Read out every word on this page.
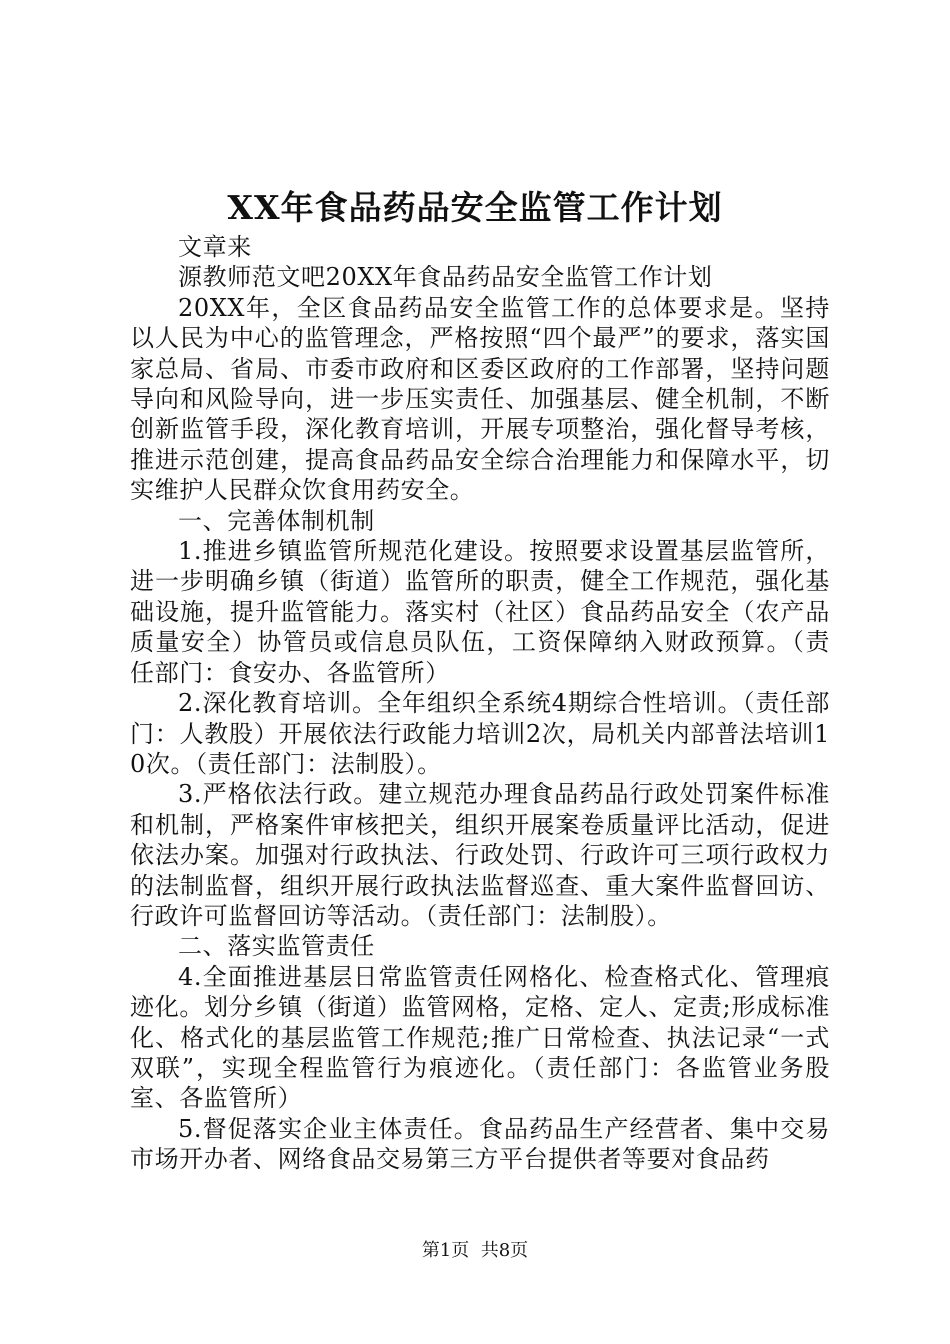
XX年食品药品安全监管工作计划

文章来

源教师范文吧20XX年食品药品安全监管工作计划

20XX年，全区食品药品安全监管工作的总体要求是。坚持以人民为中心的监管理念，严格按照“四个最严”的要求，落实国家总局、省局、市委市政府和区委区政府的工作部署，坚持问题导向和风险导向，进一步压实责任、加强基层、健全机制，不断创新监管手段，深化教育培训，开展专项整治，强化督导考核，推进示范创建，提高食品药品安全综合治理能力和保障水平，切实维护人民群众饮食用药安全。

一、完善体制机制

1.推进乡镇监管所规范化建设。按照要求设置基层监管所，进一步明确乡镇（街道）监管所的职责，健全工作规范，强化基础设施，提升监管能力。落实村（社区）食品药品安全（农产品质量安全）协管员或信息员队伍，工资保障纳入财政预算。（责任部门：食安办、各监管所）

2.深化教育培训。全年组织全系统4期综合性培训。（责任部门：人教股）开展依法行政能力培训2次，局机关内部普法培训10次。（责任部门：法制股）。

3.严格依法行政。建立规范办理食品药品行政处罚案件标准和机制，严格案件审核把关，组织开展案卷质量评比活动，促进依法办案。加强对行政执法、行政处罚、行政许可三项行政权力的法制监督，组织开展行政执法监督巡查、重大案件监督回访、行政许可监督回访等活动。（责任部门：法制股）。

二、落实监管责任

4.全面推进基层日常监管责任网格化、检查格式化、管理痕迹化。划分乡镇（街道）监管网格，定格、定人、定责;形成标准化、格式化的基层监管工作规范;推广日常检查、执法记录“一式双联”，实现全程监管行为痕迹化。（责任部门：各监管业务股室、各监管所）

5.督促落实企业主体责任。食品药品生产经营者、集中交易市场开办者、网络食品交易第三方平台提供者等要对食品药

第1页 共8页
